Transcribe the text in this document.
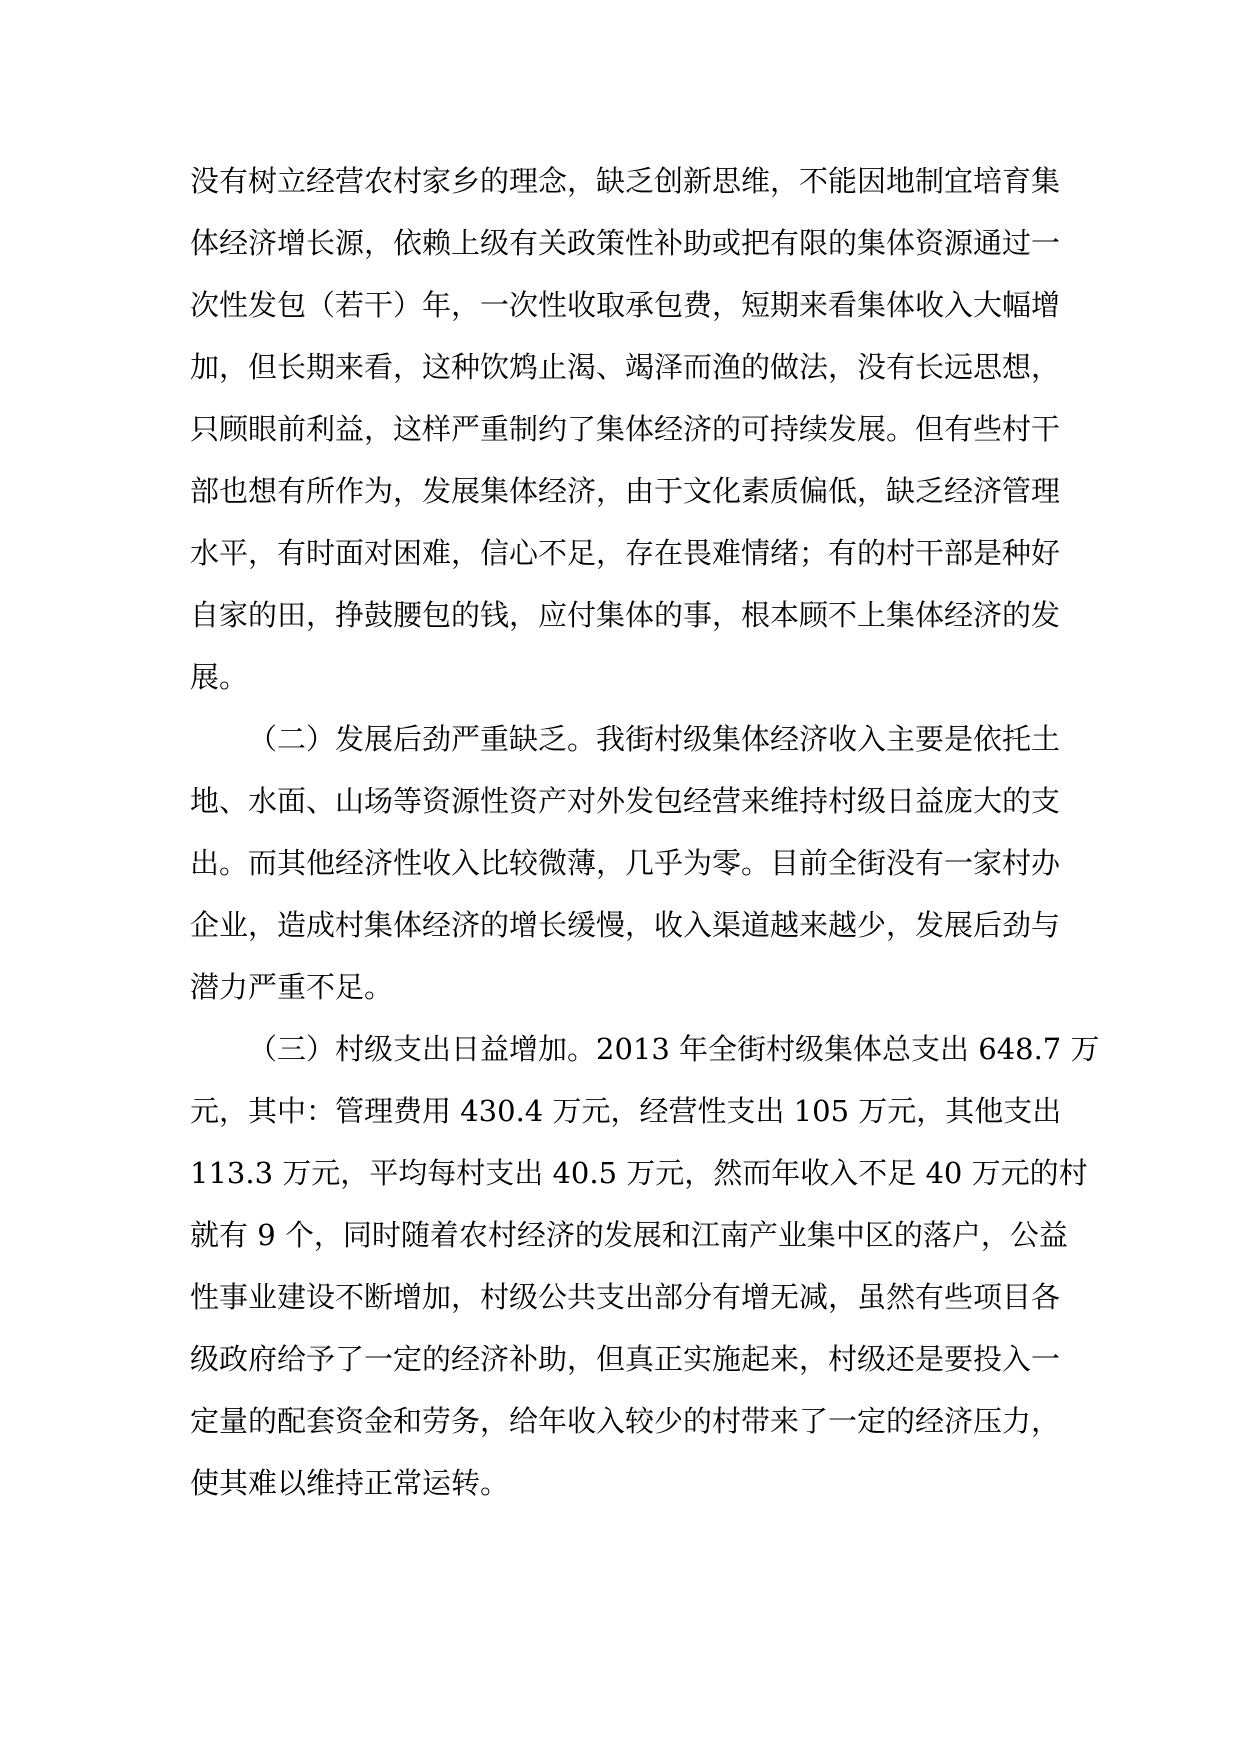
没有树立经营农村家乡的理念，缺乏创新思维，不能因地制宜培育集
体经济增长源，依赖上级有关政策性补助或把有限的集体资源通过一
次性发包（若干）年，一次性收取承包费，短期来看集体收入大幅增
加，但长期来看，这种饮鸩止渴、竭泽而渔的做法，没有长远思想，
只顾眼前利益，这样严重制约了集体经济的可持续发展。但有些村干
部也想有所作为，发展集体经济，由于文化素质偏低，缺乏经济管理
水平，有时面对困难，信心不足，存在畏难情绪；有的村干部是种好
自家的田，挣鼓腰包的钱，应付集体的事，根本顾不上集体经济的发
展。
（二）发展后劲严重缺乏。我街村级集体经济收入主要是依托土
地、水面、山场等资源性资产对外发包经营来维持村级日益庞大的支
出。而其他经济性收入比较微薄，几乎为零。目前全街没有一家村办
企业，造成村集体经济的增长缓慢，收入渠道越来越少，发展后劲与
潜力严重不足。
（三）村级支出日益增加。2013 年全街村级集体总支出 648.7 万
元，其中：管理费用 430.4 万元，经营性支出 105 万元，其他支出
113.3 万元，平均每村支出 40.5 万元，然而年收入不足 40 万元的村
就有 9 个，同时随着农村经济的发展和江南产业集中区的落户，公益
性事业建设不断增加，村级公共支出部分有增无减，虽然有些项目各
级政府给予了一定的经济补助，但真正实施起来，村级还是要投入一
定量的配套资金和劳务，给年收入较少的村带来了一定的经济压力，
使其难以维持正常运转。
